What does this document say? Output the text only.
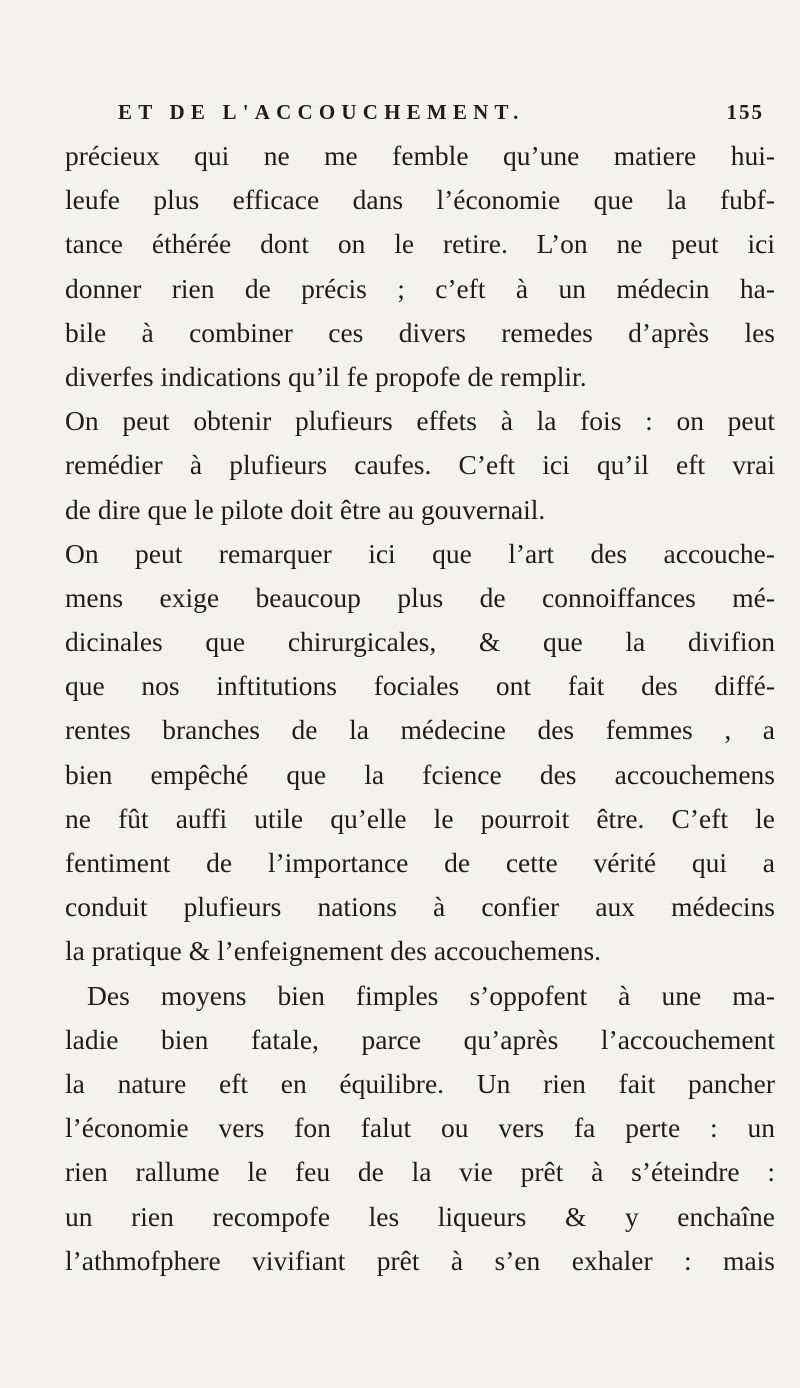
ET DE L'ACCOUCHEMENT.	155
précieux qui ne me femble qu’une matiere hui-
leufe plus efficace dans l’économie que la fubf-
tance éthérée dont on le retire. L’on ne peut ici
donner rien de précis ; c’eft à un médecin ha-
bile à combiner ces divers remedes d’après les
diverfes indications qu’il fe propofe de remplir.
On peut obtenir plufieurs effets à la fois : on peut
remédier à plufieurs caufes. C’eft ici qu’il eft vrai
de dire que le pilote doit être au gouvernail.
On peut remarquer ici que l’art des accouche-
mens exige beaucoup plus de connoiffances mé-
dicinales que chirurgicales, & que la divifion
que nos inftitutions fociales ont fait des diffé-
rentes branches de la médecine des femmes , a
bien empêché que la fcience des accouchemens
ne fût auffi utile qu’elle le pourroit être. C’eft le
fentiment de l’importance de cette vérité qui a
conduit plufieurs nations à confier aux médecins
la pratique & l’enfeignement des accouchemens.
Des moyens bien fimples s’oppofent à une ma-
ladie bien fatale, parce qu’après l’accouchement
la nature eft en équilibre. Un rien fait pancher
l’économie vers fon falut ou vers fa perte : un
rien rallume le feu de la vie prêt à s’éteindre :
un rien recompofe les liqueurs & y enchaîne
l’athmofphere vivifiant prêt à s’en exhaler : mais
